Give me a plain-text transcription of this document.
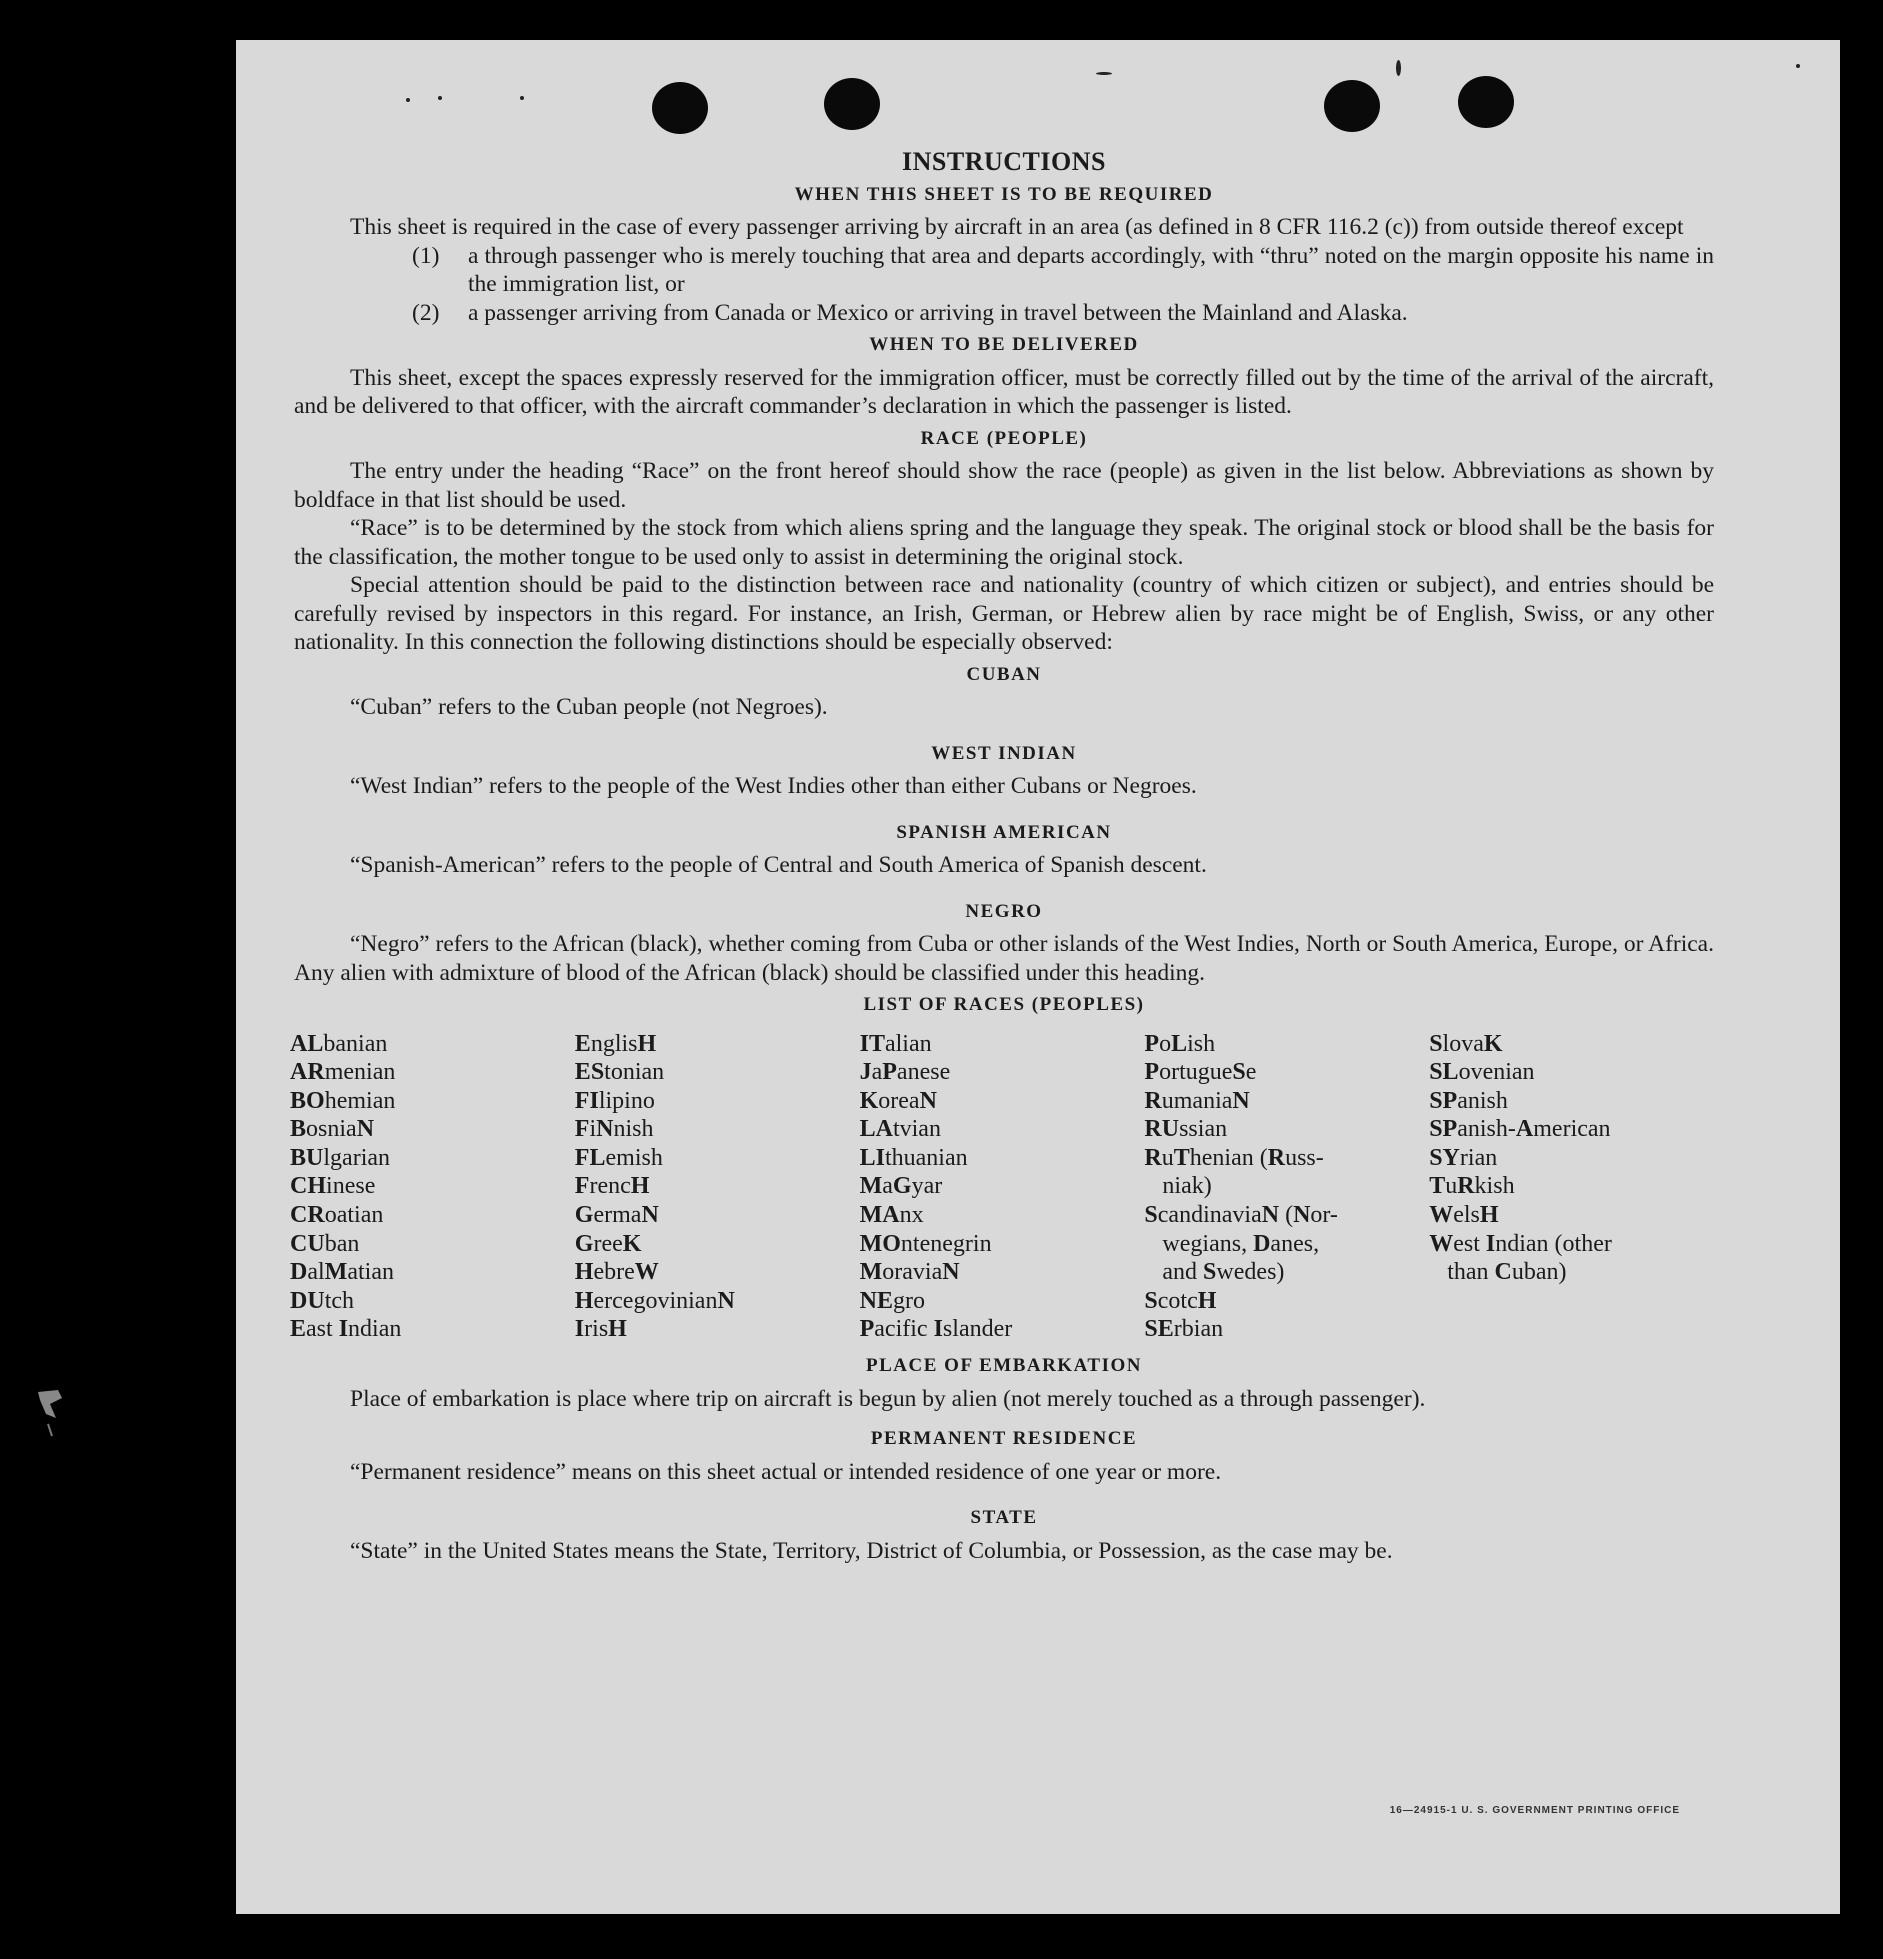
INSTRUCTIONS
WHEN THIS SHEET IS TO BE REQUIRED

This sheet is required in the case of every passenger arriving by aircraft in an area (as defined in 8 CFR 116.2 (c)) from outside thereof except

(1)	a through passenger who is merely touching that area and departs accordingly, with “thru” noted on the margin opposite his name in the immigration list, or
(2)	a passenger arriving from Canada or Mexico or arriving in travel between the Mainland and Alaska.
WHEN TO BE DELIVERED

This sheet, except the spaces expressly reserved for the immigration officer, must be correctly filled out by the time of the arrival of the aircraft, and be delivered to that officer, with the aircraft commander’s declaration in which the passenger is listed.

RACE (PEOPLE)

The entry under the heading “Race” on the front hereof should show the race (people) as given in the list below. Abbreviations as shown by boldface in that list should be used.

“Race” is to be determined by the stock from which aliens spring and the language they speak. The original stock or blood shall be the basis for the classification, the mother tongue to be used only to assist in determining the original stock.

Special attention should be paid to the distinction between race and nationality (country of which citizen or subject), and entries should be carefully revised by inspectors in this regard. For instance, an Irish, German, or Hebrew alien by race might be of English, Swiss, or any other nationality. In this connection the following distinctions should be especially observed:

CUBAN

“Cuban” refers to the Cuban people (not Negroes).

WEST INDIAN

“West Indian” refers to the people of the West Indies other than either Cubans or Negroes.

SPANISH AMERICAN

“Spanish-American” refers to the people of Central and South America of Spanish descent.

NEGRO

“Negro” refers to the African (black), whether coming from Cuba or other islands of the West Indies, North or South America, Europe, or Africa. Any alien with admixture of blood of the African (black) should be classified under this heading.

LIST OF RACES (PEOPLES)
ALbanian
ARmenian
BOhemian
BosniaN
BUlgarian
CHinese
CRoatian
CUban
DalMatian
DUtch
East Indian
EnglisH
EStonian
FIlipino
FiNnish
FLemish
FrencH
GermaN
GreeK
HebreW
HercegovinianN
IrisH
ITalian
JaPanese
KoreaN
LAtvian
LIthuanian
MaGyar
MAnx
MOntenegrin
MoraviaN
NEgro
Pacific Islander
PoLish
PortugueSe
RumaniaN
RUssian
RuThenian (Russ-
niak)
ScandinaviaN (Nor-
wegians, Danes,
and Swedes)
ScotcH
SErbian
SlovaK
SLovenian
SPanish
SPanish-American
SYrian
TuRkish
WelsH
West Indian (other
than Cuban)
PLACE OF EMBARKATION

Place of embarkation is place where trip on aircraft is begun by alien (not merely touched as a through passenger).

PERMANENT RESIDENCE

“Permanent residence” means on this sheet actual or intended residence of one year or more.

STATE

“State” in the United States means the State, Territory, District of Columbia, or Possession, as the case may be.

16—24915-1 U. S. GOVERNMENT PRINTING OFFICE
